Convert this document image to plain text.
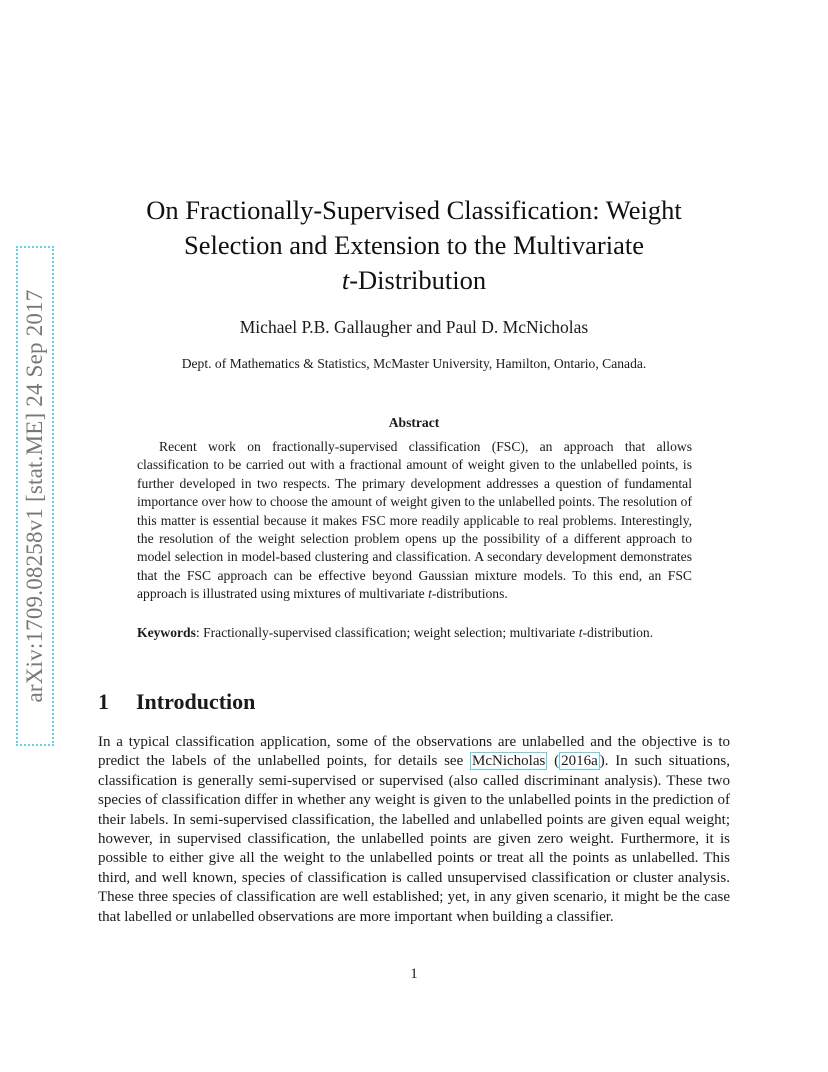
arXiv:1709.08258v1 [stat.ME] 24 Sep 2017
On Fractionally-Supervised Classification: Weight
Selection and Extension to the Multivariate
t-Distribution
Michael P.B. Gallaugher and Paul D. McNicholas
Dept. of Mathematics & Statistics, McMaster University, Hamilton, Ontario, Canada.
Abstract
Recent work on fractionally-supervised classification (FSC), an approach that allows classification to be carried out with a fractional amount of weight given to the unlabelled points, is further developed in two respects. The primary development addresses a question of fundamental importance over how to choose the amount of weight given to the unlabelled points. The resolution of this matter is essential because it makes FSC more readily applicable to real problems. Interestingly, the resolution of the weight selection problem opens up the possibility of a different approach to model selection in model-based clustering and classification. A secondary development demonstrates that the FSC approach can be effective beyond Gaussian mixture models. To this end, an FSC approach is illustrated using mixtures of multivariate t-distributions.
Keywords: Fractionally-supervised classification; weight selection; multivariate t-distribution.
1 Introduction
In a typical classification application, some of the observations are unlabelled and the objective is to predict the labels of the unlabelled points, for details see McNicholas ( 2016a ). In such situations, classification is generally semi-supervised or supervised (also called discriminant analysis). These two species of classification differ in whether any weight is given to the unlabelled points in the prediction of their labels. In semi-supervised classification, the labelled and unlabelled points are given equal weight; however, in supervised classification, the unlabelled points are given zero weight. Furthermore, it is possible to either give all the weight to the unlabelled points or treat all the points as unlabelled. This third, and well known, species of classification is called unsupervised classification or cluster analysis. These three species of classification are well established; yet, in any given scenario, it might be the case that labelled or unlabelled observations are more important when building a classifier.
1
